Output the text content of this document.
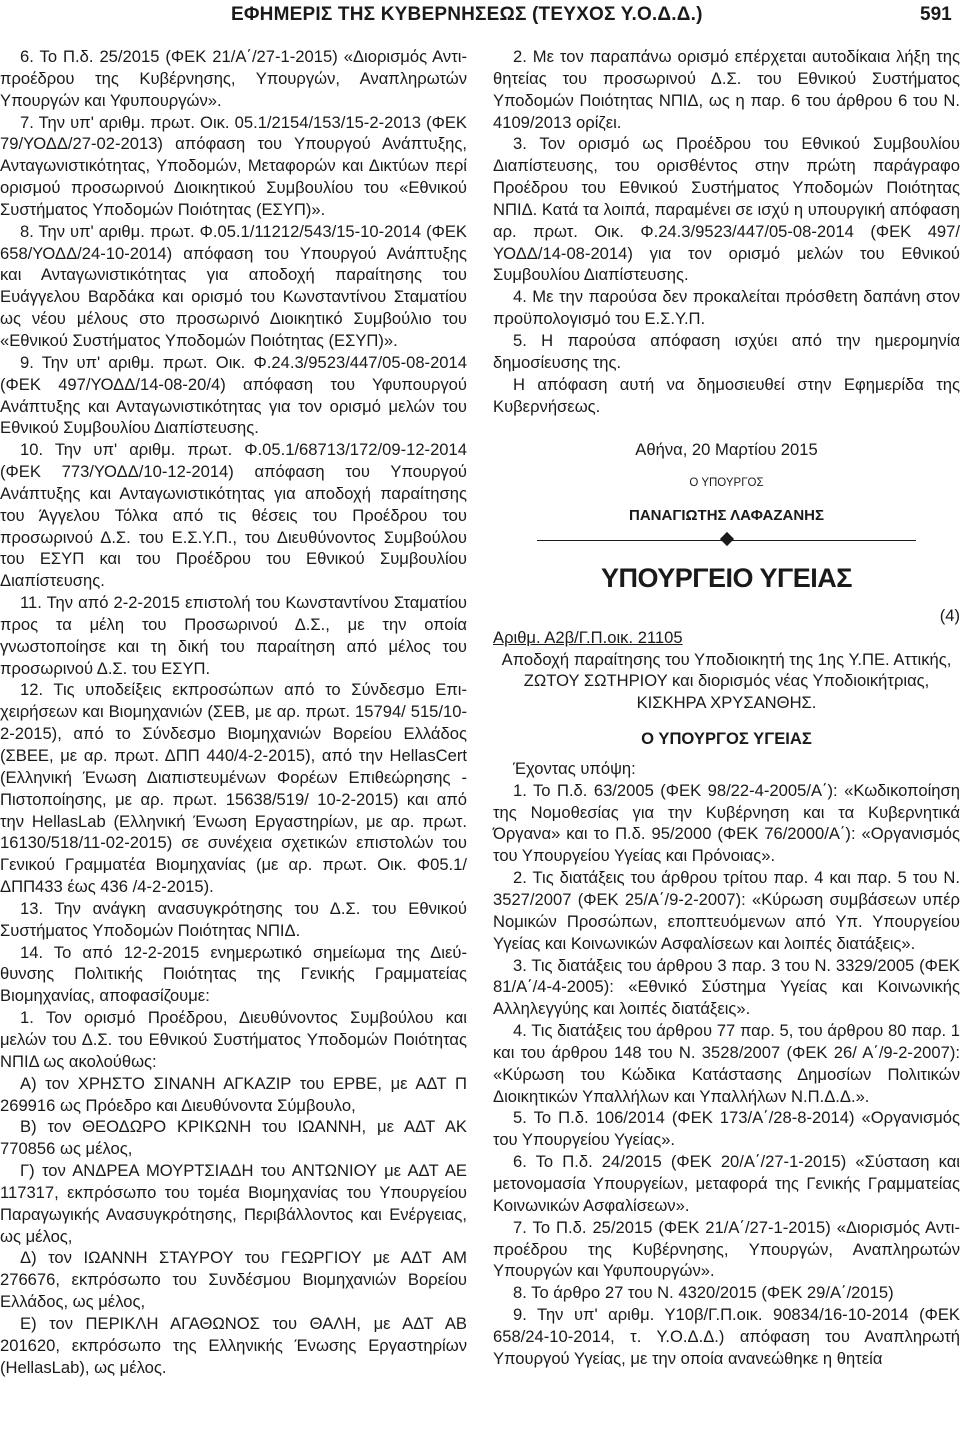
ΕΦΗΜΕΡΙΣ ΤΗΣ ΚΥΒΕΡΝΗΣΕΩΣ (ΤΕΥΧΟΣ Υ.Ο.Δ.Δ.)	591

6. Το Π.δ. 25/2015 (ΦΕΚ 21/Α΄/27-1-2015) «Διορισμός Αντιπροέδρου της Κυβέρνησης, Υπουργών, Αναπληρωτών Υπουργών και Υφυπουργών».

7. Την υπ' αριθμ. πρωτ. Οικ. 05.1/2154/153/15-2-2013 (ΦΕΚ 79/ΥΟΔΔ/27-02-2013) απόφαση του Υπουργού Ανάπτυξης, Ανταγωνιστικότητας, Υποδομών, Μεταφορών και Δικτύων περί ορισμού προσωρινού Διοικητικού Συμβουλίου του «Εθνικού Συστήματος Υποδομών Ποιότητας (ΕΣΥΠ)».

8. Την υπ' αριθμ. πρωτ. Φ.05.1/11212/543/15-10-2014 (ΦΕΚ 658/ΥΟΔΔ/24-10-2014) απόφαση του Υπουργού Ανάπτυξης και Ανταγωνιστικότητας για αποδοχή παραίτησης του Ευάγγελου Βαρδάκα και ορισμό του Κωνσταντίνου Σταματίου ως νέου μέλους στο προσωρινό Διοικητικό Συμβούλιο του «Εθνικού Συστήματος Υποδομών Ποιότητας (ΕΣΥΠ)».

9. Την υπ' αριθμ. πρωτ. Οικ. Φ.24.3/9523/447/05-08-2014 (ΦΕΚ 497/ΥΟΔΔ/14-08-20/4) απόφαση του Υφυπουργού Ανάπτυξης και Ανταγωνιστικότητας για τον ορισμό μελών του Εθνικού Συμβουλίου Διαπίστευσης.

10. Την υπ' αριθμ. πρωτ. Φ.05.1/68713/172/09-12-2014 (ΦΕΚ 773/ΥΟΔΔ/10-12-2014) απόφαση του Υπουργού Ανάπτυξης και Ανταγωνιστικότητας για αποδοχή παραίτησης του Άγγελου Τόλκα από τις θέσεις του Προέδρου του προσωρινού Δ.Σ. του Ε.Σ.Υ.Π., του Διευθύνοντος Συμβούλου του ΕΣΥΠ και του Προέδρου του Εθνικού Συμβουλίου Διαπίστευσης.

11. Την από 2-2-2015 επιστολή του Κωνσταντίνου Σταματίου προς τα μέλη του Προσωρινού Δ.Σ., με την οποία γνωστοποίησε και τη δική του παραίτηση από μέλος του προσωρινού Δ.Σ. του ΕΣΥΠ.

12. Τις υποδείξεις εκπροσώπων από το Σύνδεσμο Επιχειρήσεων και Βιομηχανιών (ΣΕΒ, με αρ. πρωτ. 15794/ 515/10-2-2015), από το Σύνδεσμο Βιομηχανιών Βορείου Ελλάδος (ΣΒΕΕ, με αρ. πρωτ. ΔΠΠ 440/4-2-2015), από την HellasCert (Ελληνική Ένωση Διαπιστευμένων Φορέων Επιθεώρησης - Πιστοποίησης, με αρ. πρωτ. 15638/519/ 10-2-2015) και από την HellasLab (Ελληνική Ένωση Εργαστηρίων, με αρ. πρωτ. 16130/518/11-02-2015) σε συνέχεια σχετικών επιστολών του Γενικού Γραμματέα Βιομηχανίας (με αρ. πρωτ. Οικ. Φ05.1/ΔΠΠ433 έως 436 /4-2-2015).

13. Την ανάγκη ανασυγκρότησης του Δ.Σ. του Εθνικού Συστήματος Υποδομών Ποιότητας ΝΠΙΔ.

14. Το από 12-2-2015 ενημερωτικό σημείωμα της Διεύθυνσης Πολιτικής Ποιότητας της Γενικής Γραμματείας Βιομηχανίας, αποφασίζουμε:

1. Τον ορισμό Προέδρου, Διευθύνοντος Συμβούλου και μελών του Δ.Σ. του Εθνικού Συστήματος Υποδομών Ποιότητας ΝΠΙΔ ως ακολούθως:

Α) τον ΧΡΗΣΤΟ ΣΙΝΑΝΗ ΑΓΚΑΖΙΡ του ΕΡΒΕ, με ΑΔΤ Π 269916 ως Πρόεδρο και Διευθύνοντα Σύμβουλο,

Β) τον ΘΕΟΔΩΡΟ ΚΡΙΚΩΝΗ του ΙΩΑΝΝΗ, με ΑΔΤ ΑΚ 770856 ως μέλος,

Γ) τον ΑΝΔΡΕΑ ΜΟΥΡΤΣΙΑΔΗ του ΑΝΤΩΝΙΟΥ με ΑΔΤ ΑΕ 117317, εκπρόσωπο του τομέα Βιομηχανίας του Υπουργείου Παραγωγικής Ανασυγκρότησης, Περιβάλλοντος και Ενέργειας, ως μέλος,

Δ) τον ΙΩΑΝΝΗ ΣΤΑΥΡΟΥ του ΓΕΩΡΓΙΟΥ με ΑΔΤ ΑΜ 276676, εκπρόσωπο του Συνδέσμου Βιομηχανιών Βορείου Ελλάδος, ως μέλος,

Ε) τον ΠΕΡΙΚΛΗ ΑΓΑΘΩΝΟΣ του ΘΑΛΗ, με ΑΔΤ ΑΒ 201620, εκπρόσωπο της Ελληνικής Ένωσης Εργαστηρίων (HellasLab), ως μέλος.

2. Με τον παραπάνω ορισμό επέρχεται αυτοδίκαια λήξη της θητείας του προσωρινού Δ.Σ. του Εθνικού Συστήματος Υποδομών Ποιότητας ΝΠΙΔ, ως η παρ. 6 του άρθρου 6 του Ν. 4109/2013 ορίζει.

3. Τον ορισμό ως Προέδρου του Εθνικού Συμβουλίου Διαπίστευσης, του ορισθέντος στην πρώτη παράγραφο Προέδρου του Εθνικού Συστήματος Υποδομών Ποιότητας ΝΠΙΔ. Κατά τα λοιπά, παραμένει σε ισχύ η υπουργική απόφαση αρ. πρωτ. Οικ. Φ.24.3/9523/447/05-08-2014 (ΦΕΚ 497/ΥΟΔΔ/14-08-2014) για τον ορισμό μελών του Εθνικού Συμβουλίου Διαπίστευσης.

4. Με την παρούσα δεν προκαλείται πρόσθετη δαπάνη στον προϋπολογισμό του Ε.Σ.Υ.Π.

5. Η παρούσα απόφαση ισχύει από την ημερομηνία δημοσίευσης της.

Η απόφαση αυτή να δημοσιευθεί στην Εφημερίδα της Κυβερνήσεως.

Αθήνα, 20 Μαρτίου 2015

Ο ΥΠΟΥΡΓΟΣ

ΠΑΝΑΓΙΩΤΗΣ ΛΑΦΑΖΑΝΗΣ

ΥΠΟΥΡΓΕΙΟ ΥΓΕΙΑΣ

(4)

Αριθμ. Α2β/Γ.Π.οικ. 21105

Αποδοχή παραίτησης του Υποδιοικητή της 1ης Υ.ΠΕ. Αττικής, ΖΩΤΟΥ ΣΩΤΗΡΙΟΥ και διορισμός νέας Υποδιοικήτριας, ΚΙΣΚΗΡΑ ΧΡΥΣΑΝΘΗΣ.

Ο ΥΠΟΥΡΓΟΣ ΥΓΕΙΑΣ

Έχοντας υπόψη:

1. Το Π.δ. 63/2005 (ΦΕΚ 98/22-4-2005/Α΄): «Κωδικοποίηση της Νομοθεσίας για την Κυβέρνηση και τα Κυβερνητικά Όργανα» και το Π.δ. 95/2000 (ΦΕΚ 76/2000/Α΄): «Οργανισμός του Υπουργείου Υγείας και Πρόνοιας».

2. Τις διατάξεις του άρθρου τρίτου παρ. 4 και παρ. 5 του Ν. 3527/2007 (ΦΕΚ 25/Α΄/9-2-2007): «Κύρωση συμβάσεων υπέρ Νομικών Προσώπων, εποπτευόμενων από Υπ. Υπουργείου Υγείας και Κοινωνικών Ασφαλίσεων και λοιπές διατάξεις».

3. Τις διατάξεις του άρθρου 3 παρ. 3 του Ν. 3329/2005 (ΦΕΚ 81/Α΄/4-4-2005): «Εθνικό Σύστημα Υγείας και Κοινωνικής Αλληλεγγύης και λοιπές διατάξεις».

4. Τις διατάξεις του άρθρου 77 παρ. 5, του άρθρου 80 παρ. 1 και του άρθρου 148 του Ν. 3528/2007 (ΦΕΚ 26/ Α΄/9-2-2007): «Κύρωση του Κώδικα Κατάστασης Δημοσίων Πολιτικών Διοικητικών Υπαλλήλων και Υπαλλήλων Ν.Π.Δ.Δ.».

5. Το Π.δ. 106/2014 (ΦΕΚ 173/Α΄/28-8-2014) «Οργανισμός του Υπουργείου Υγείας».

6. Το Π.δ. 24/2015 (ΦΕΚ 20/Α΄/27-1-2015) «Σύσταση και μετονομασία Υπουργείων, μεταφορά της Γενικής Γραμματείας Κοινωνικών Ασφαλίσεων».

7. Το Π.δ. 25/2015 (ΦΕΚ 21/Α΄/27-1-2015) «Διορισμός Αντιπροέδρου της Κυβέρνησης, Υπουργών, Αναπληρωτών Υπουργών και Υφυπουργών».

8. Το άρθρο 27 του Ν. 4320/2015 (ΦΕΚ 29/Α΄/2015)

9. Την υπ' αριθμ. Υ10β/Γ.Π.οικ. 90834/16-10-2014 (ΦΕΚ 658/24-10-2014, τ. Υ.Ο.Δ.Δ.) απόφαση του Αναπληρωτή Υπουργού Υγείας, με την οποία ανανεώθηκε η θητεία
